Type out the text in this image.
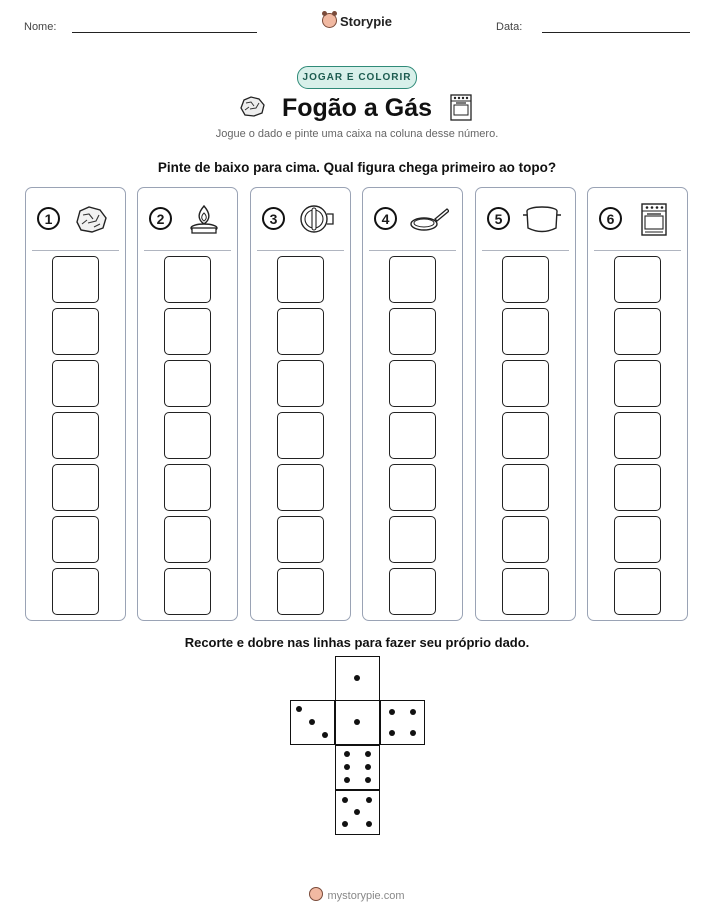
Nome:	Storypie	Data:
JOGAR E COLORIR
Fogão a Gás
Jogue o dado e pinte uma caixa na coluna desse número.
Pinte de baixo para cima. Qual figura chega primeiro ao topo?
1	2	3	4	5	6
Recorte e dobre nas linhas para fazer seu próprio dado.
mystorypie.com
